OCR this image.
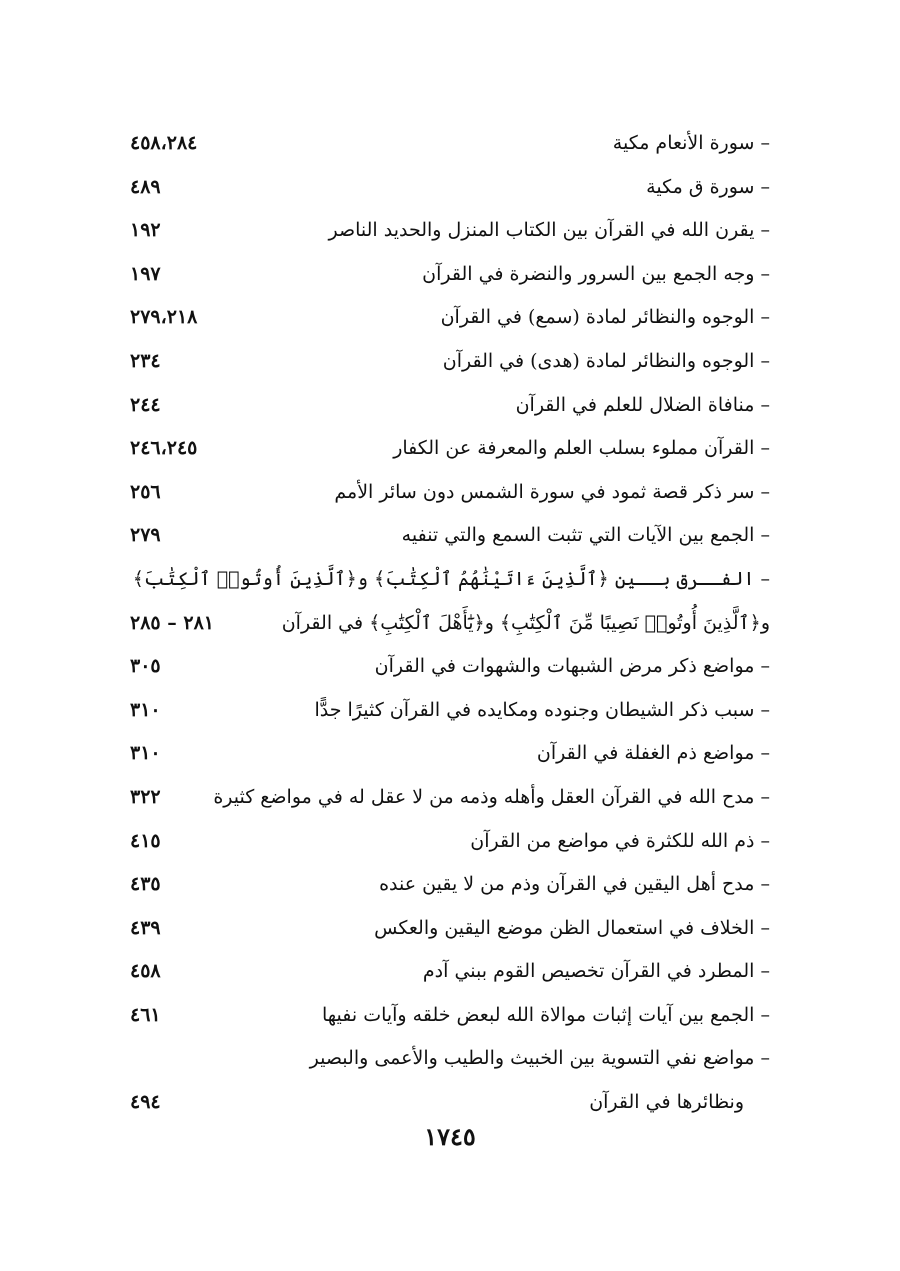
– سورة الأنعام مكية
٤٥٨،٢٨٤
– سورة ق مكية
٤٨٩
– يقرن الله في القرآن بين الكتاب المنزل والحديد الناصر
١٩٢
– وجه الجمع بين السرور والنضرة في القرآن
١٩٧
– الوجوه والنظائر لمادة (سمع) في القرآن
٢٧٩،٢١٨
– الوجوه والنظائر لمادة (هدى) في القرآن
٢٣٤
– منافاة الضلال للعلم في القرآن
٢٤٤
– القرآن مملوء بسلب العلم والمعرفة عن الكفار
٢٤٦،٢٤٥
– سر ذكر قصة ثمود في سورة الشمس دون سائر الأمم
٢٥٦
– الجمع بين الآيات التي تثبت السمع والتي تنفيه
٢٧٩
– الفــرق بــين ﴿ٱلَّذِينَ ءَاتَيْنَٰهُمُ ٱلْكِتَٰبَ﴾ و﴿ٱلَّذِينَ أُوتُوا۟ ٱلْكِتَٰبَ﴾
و﴿ٱلَّذِينَ أُوتُوا۟ نَصِيبًا مِّنَ ٱلْكِتَٰبِ﴾ و﴿يَٰٓأَهْلَ ٱلْكِتَٰبِ﴾ في القرآن
٢٨١ – ٢٨٥
– مواضع ذكر مرض الشبهات والشهوات في القرآن
٣٠٥
– سبب ذكر الشيطان وجنوده ومكايده في القرآن كثيرًا جدًّا
٣١٠
– مواضع ذم الغفلة في القرآن
٣١٠
– مدح الله في القرآن العقل وأهله وذمه من لا عقل له في مواضع كثيرة
٣٢٢
– ذم الله للكثرة في مواضع من القرآن
٤١٥
– مدح أهل اليقين في القرآن وذم من لا يقين عنده
٤٣٥
– الخلاف في استعمال الظن موضع اليقين والعكس
٤٣٩
– المطرد في القرآن تخصيص القوم ببني آدم
٤٥٨
– الجمع بين آيات إثبات موالاة الله لبعض خلقه وآيات نفيها
٤٦١
– مواضع نفي التسوية بين الخبيث والطيب والأعمى والبصير
ونظائرها في القرآن
٤٩٤
١٧٤٥
